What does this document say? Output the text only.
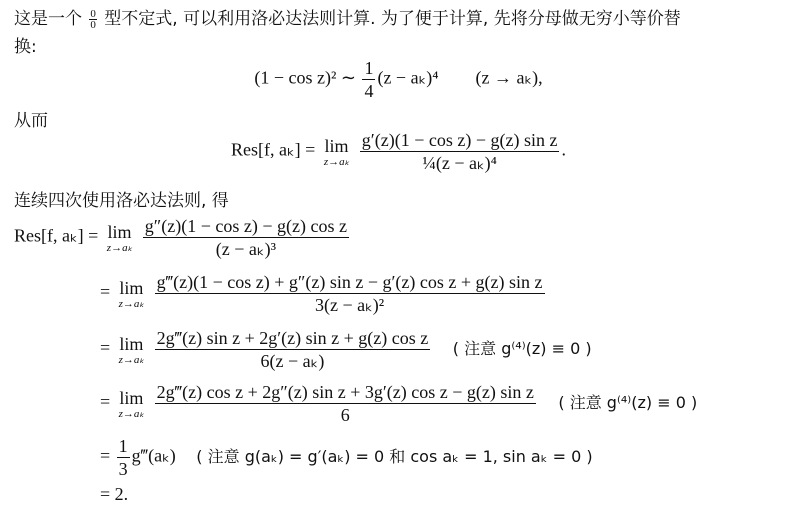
这是一个 $\frac{0}{0}$ 型不定式, 可以利用洛必达法则计算. 为了便于计算, 先将分母做无穷小等价替
换:
(1 − cos z)² ∼ $\frac{1}{4} (z - a_k)^4$ (z → aₖ),
从而
Res[f, aₖ] = lim
z→aₖ
$\frac{\text{g′(z)(1 − cos z) − g(z) sin z}}{\text{¼(z − aₖ)⁴}}$ .
连续四次使用洛必达法则, 得
Res[f, aₖ] = lim
z→aₖ
$\frac{\text{g″(z)(1 − cos z) − g(z) cos z}}{\text{(z − aₖ)³}}$
= lim
z→aₖ
$\frac{\text{g‴(z)(1 − cos z) + g″(z) sin z − g′(z) cos z + g(z) sin z}}{\text{3(z − aₖ)²}}$
= lim
z→aₖ
$\frac{\text{2g‴(z) sin z + 2g′(z) sin z + g(z) cos z}}{\text{6(z − aₖ)}}$ ( 注意 g⁽⁴⁾(z) ≡ 0 )
= lim
z→aₖ
$\frac{\text{2g‴(z) cos z + 2g″(z) sin z + 3g′(z) cos z − g(z) sin z}}{6}$ ( 注意 g⁽⁴⁾(z) ≡ 0 )
= $\frac{1}{3}$ g‴(aₖ) ( 注意 g(aₖ) = g′(aₖ) = 0 和 cos aₖ = 1, sin aₖ = 0 )
= 2.
